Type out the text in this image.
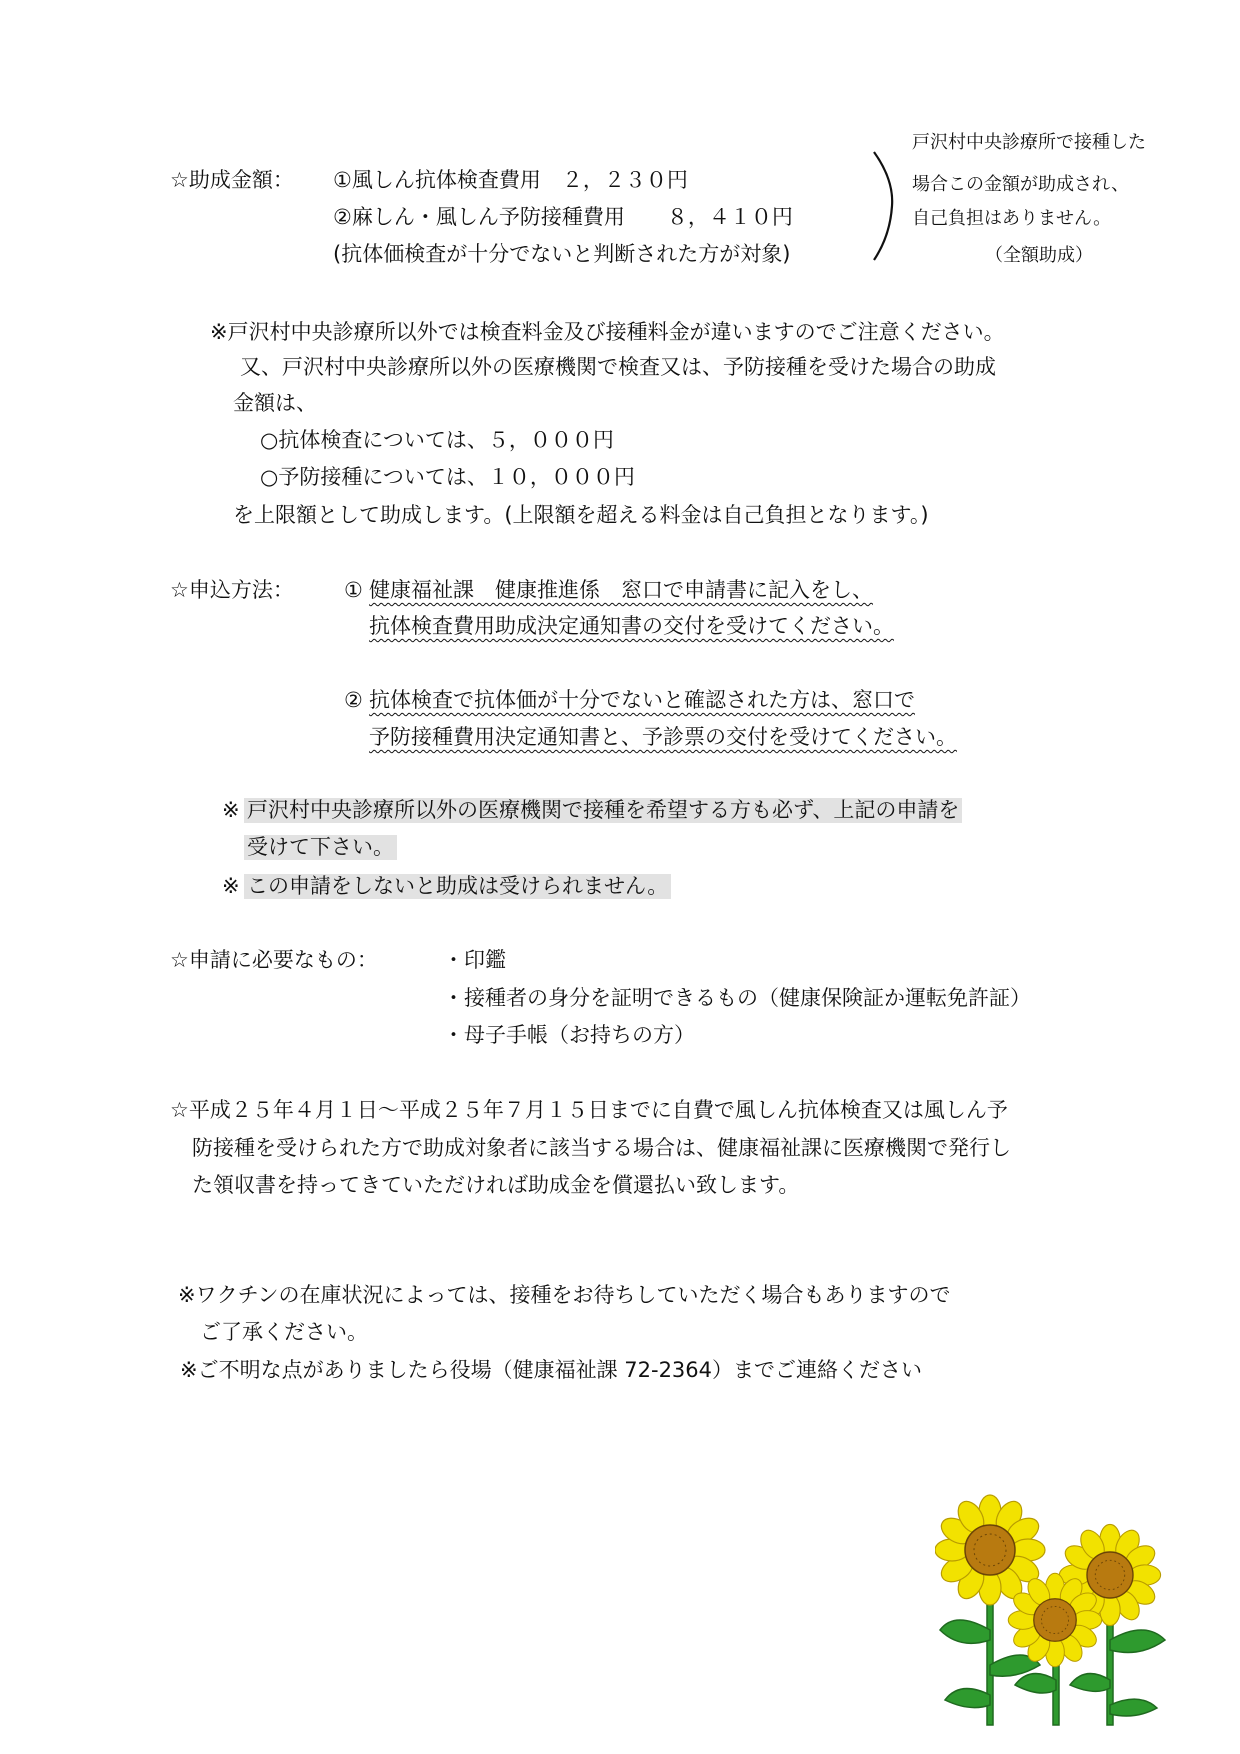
☆助成金額： ①風しん抗体検査費用　２，２３０円
②麻しん・風しん予防接種費用　　８，４１０円
(抗体価検査が十分でないと判断された方が対象)
戸沢村中央診療所で接種した
場合この金額が助成され、
自己負担はありません。
（全額助成）
※戸沢村中央診療所以外では検査料金及び接種料金が違いますのでご注意ください。
又、戸沢村中央診療所以外の医療機関で検査又は、予防接種を受けた場合の助成
金額は、
○抗体検査については、５，０００円
○予防接種については、１０，０００円
を上限額として助成します。(上限額を超える料金は自己負担となります。)
☆申込方法： ① 健康福祉課　健康推進係　窓口で申請書に記入をし、
抗体検査費用助成決定通知書の交付を受けてください。
② 抗体検査で抗体価が十分でないと確認された方は、窓口で
予防接種費用決定通知書と、予診票の交付を受けてください。
※ 戸沢村中央診療所以外の医療機関で接種を希望する方も必ず、上記の申請を
受けて下さい。
※ この申請をしないと助成は受けられません。
☆申請に必要なもの：	・印鑑
・接種者の身分を証明できるもの（健康保険証か運転免許証）
・母子手帳（お持ちの方）
☆平成２５年４月１日～平成２５年７月１５日までに自費で風しん抗体検査又は風しん予
防接種を受けられた方で助成対象者に該当する場合は、健康福祉課に医療機関で発行し
た領収書を持ってきていただければ助成金を償還払い致します。
※ワクチンの在庫状況によっては、接種をお待ちしていただく場合もありますので
ご了承ください。
※ご不明な点がありましたら役場（健康福祉課 72-2364）までご連絡ください
